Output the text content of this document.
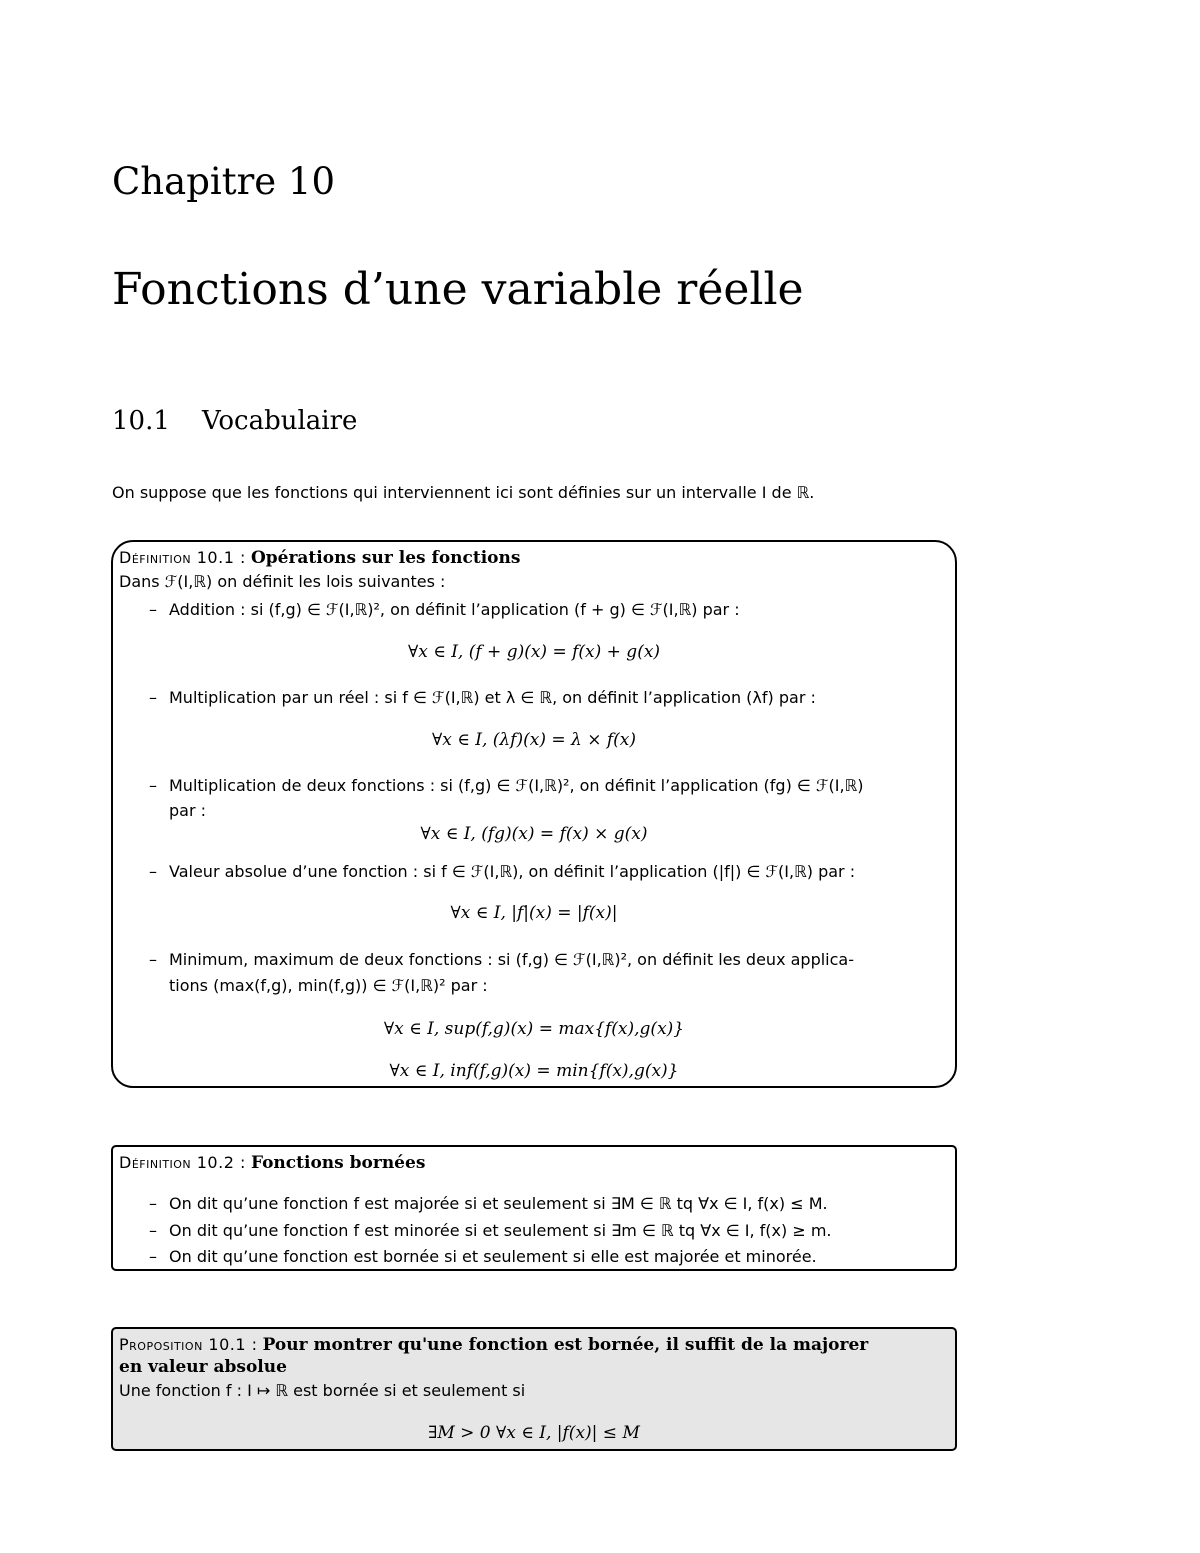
Chapitre 10
Fonctions d’une variable réelle
10.1 Vocabulaire
On suppose que les fonctions qui interviennent ici sont définies sur un intervalle I de ℝ.
Définition 10.1 : Opérations sur les fonctions
Dans ℱ(I,ℝ) on définit les lois suivantes :
– Addition : si (f,g) ∈ ℱ(I,ℝ)², on définit l’application (f + g) ∈ ℱ(I,ℝ) par :
∀x ∈ I, (f + g)(x) = f(x) + g(x)
– Multiplication par un réel : si f ∈ ℱ(I,ℝ) et λ ∈ ℝ, on définit l’application (λf) par :
∀x ∈ I, (λf)(x) = λ × f(x)
– Multiplication de deux fonctions : si (f,g) ∈ ℱ(I,ℝ)², on définit l’application (fg) ∈ ℱ(I,ℝ)
par :
∀x ∈ I, (fg)(x) = f(x) × g(x)
– Valeur absolue d’une fonction : si f ∈ ℱ(I,ℝ), on définit l’application (|f|) ∈ ℱ(I,ℝ) par :
∀x ∈ I, |f|(x) = |f(x)|
– Minimum, maximum de deux fonctions : si (f,g) ∈ ℱ(I,ℝ)², on définit les deux applica-
tions (max(f,g), min(f,g)) ∈ ℱ(I,ℝ)² par :
∀x ∈ I, sup(f,g)(x) = max{f(x),g(x)}
∀x ∈ I, inf(f,g)(x) = min{f(x),g(x)}
Définition 10.2 : Fonctions bornées
– On dit qu’une fonction f est majorée si et seulement si ∃M ∈ ℝ tq ∀x ∈ I, f(x) ≤ M.
– On dit qu’une fonction f est minorée si et seulement si ∃m ∈ ℝ tq ∀x ∈ I, f(x) ≥ m.
– On dit qu’une fonction est bornée si et seulement si elle est majorée et minorée.
Proposition 10.1 : Pour montrer qu'une fonction est bornée, il suffit de la majorer
en valeur absolue
Une fonction f : I ↦ ℝ est bornée si et seulement si
∃M > 0 ∀x ∈ I, |f(x)| ≤ M
